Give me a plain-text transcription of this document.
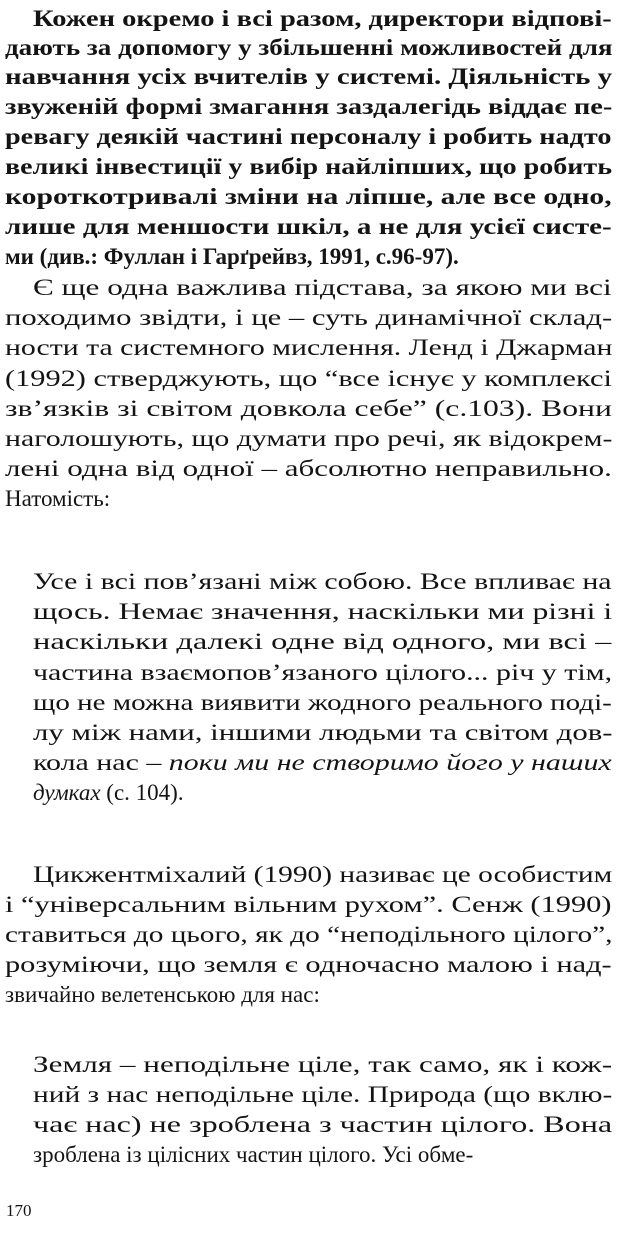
Кожен окремо і всі разом, директори відпові-
дають за допомогу у збільшенні можливостей для
навчання усіх вчителів у системі. Діяльність у
звуженій формі змагання заздалегідь віддає пе-
ревагу деякій частині персоналу і робить надто
великі інвестиції у вибір найліпших, що робить
короткотривалі зміни на ліпше, але все одно,
лише для меншости шкіл, а не для усієї систе-
ми (див.: Фуллан і Гарґрейвз, 1991, с.96-97).
Є ще одна важлива підстава, за якою ми всі
походимо звідти, і це – суть динамічної склад-
ности та системного мислення. Ленд і Джарман
(1992) стверджують, що “все існує у комплексі
зв’язків зі світом довкола себе” (с.103). Вони
наголошують, що думати про речі, як відокрем-
лені одна від одної – абсолютно неправильно.
Натомість:
Усе і всі пов’язані між собою. Все впливає на
щось. Немає значення, наскільки ми різні і
наскільки далекі одне від одного, ми всі –
частина взаємопов’язаного цілого... річ у тім,
що не можна виявити жодного реального поді-
лу між нами, іншими людьми та світом дов-
кола нас – поки ми не створимо його у наших
думках (с. 104).
Цикжентміхалий (1990) називає це особистим
і “універсальним вільним рухом”. Сенж (1990)
ставиться до цього, як до “неподільного цілого”,
розуміючи, що земля є одночасно малою і над-
звичайно велетенською для нас:
Земля – неподільне ціле, так само, як і кож-
ний з нас неподільне ціле. Природа (що вклю-
чає нас) не зроблена з частин цілого. Вона
зроблена із цілісних частин цілого. Усі обме-
170
